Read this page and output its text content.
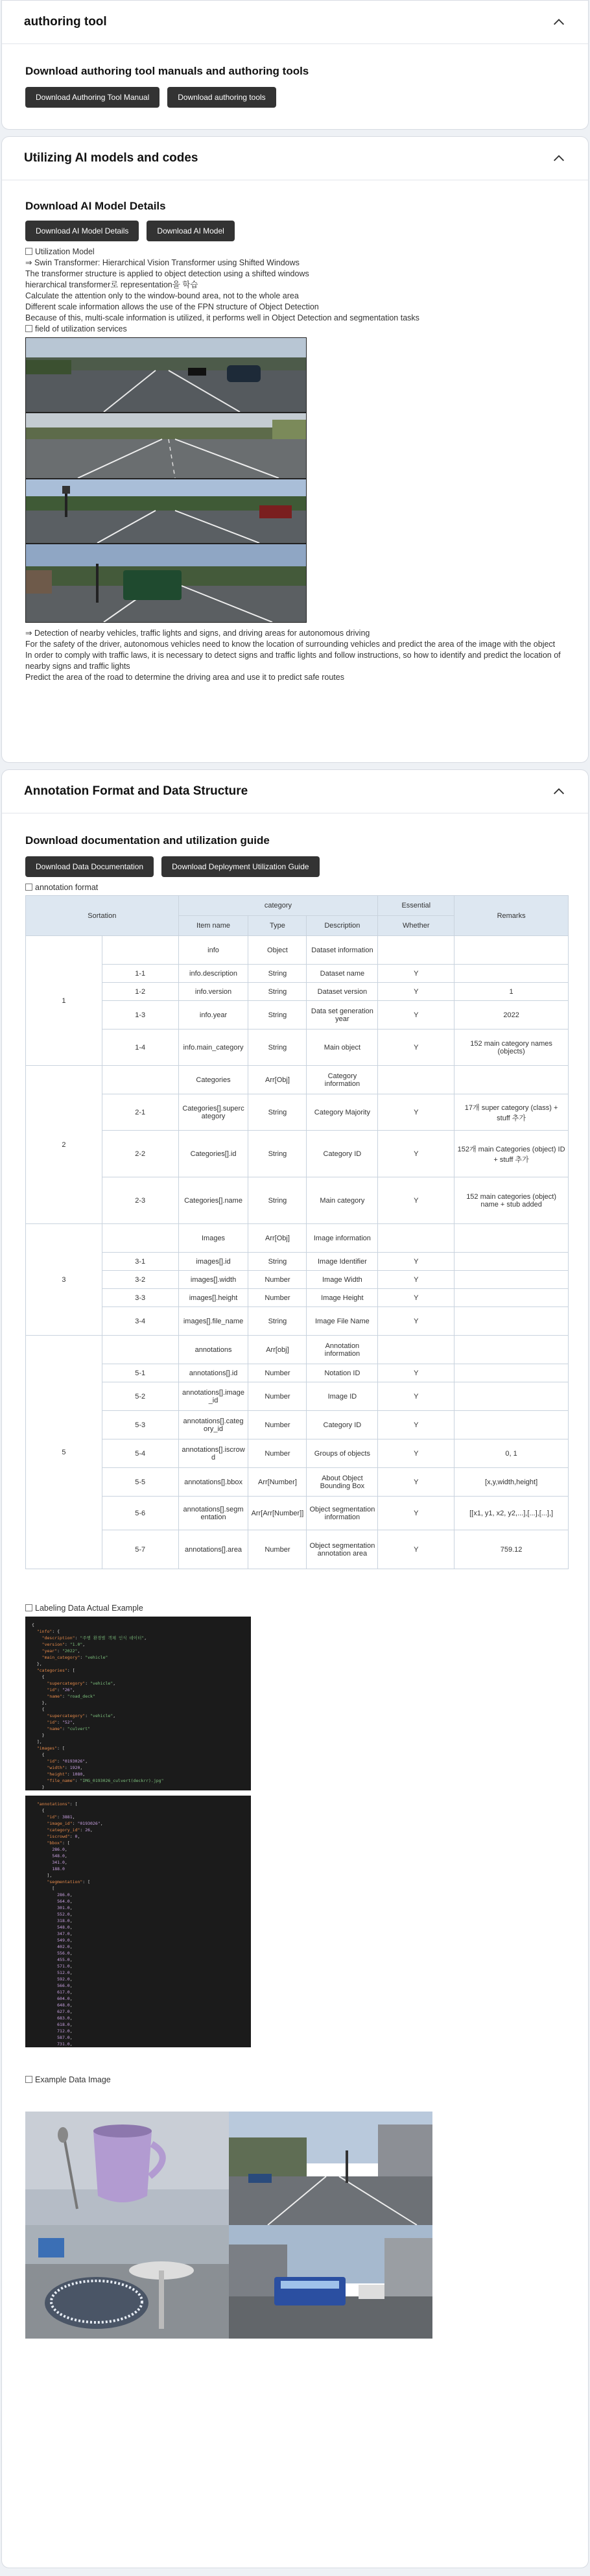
authoring tool
Download authoring tool manuals and authoring tools
Download Authoring Tool Manual	Download authoring tools
Utilizing AI models and codes
Download AI Model Details
Download AI Model Details	Download AI Model
Utilization Model
⇒ Swin Transformer: Hierarchical Vision Transformer using Shifted Windows
The transformer structure is applied to object detection using a shifted windows
hierarchical transformer로 representation을 학습
Calculate the attention only to the window-bound area, not to the whole area
Different scale information allows the use of the FPN structure of Object Detection
Because of this, multi-scale information is utilized, it performs well in Object Detection and segmentation tasks
field of utilization services
⇒ Detection of nearby vehicles, traffic lights and signs, and driving areas for autonomous driving
For the safety of the driver, autonomous vehicles need to know the location of surrounding vehicles and predict the area of the image with the object
In order to comply with traffic laws, it is necessary to detect signs and traffic lights and follow instructions, so how to identify and predict the location of nearby signs and traffic lights
Predict the area of the road to determine the driving area and use it to predict safe routes
Annotation Format and Data Structure
Download documentation and utilization guide
Download Data Documentation	Download Deployment Utilization Guide
annotation format
Sortation		category			Essential	Remarks
		Item name	Type	Description	Whether	
1		info	Object	Dataset information		
	1-1	info.description	String	Dataset name	Y	
	1-2	info.version	String	Dataset version	Y	1
	1-3	info.year	String	Data set generation year	Y	2022
	1-4	info.main_category	String	Main object	Y	152 main category names (objects)
2		Categories	Arr[Obj]	Category information		
	2-1	Categories[].supercategory	String	Category Majority	Y	17개 super category (class) + stuff 추가
	2-2	Categories[].id	String	Category ID	Y	152개 main Categories (object) ID + stuff 추가
	2-3	Categories[].name	String	Main category	Y	152 main categories (object) name + stub added
3		Images	Arr[Obj]	Image information		
	3-1	images[].id	String	Image Identifier	Y	
	3-2	images[].width	Number	Image Width	Y	
	3-3	images[].height	Number	Image Height	Y	
	3-4	images[].file_name	String	Image File Name	Y	
5		annotations	Arr[obj]	Annotation information		
	5-1	annotations[].id	Number	Notation ID	Y	
	5-2	annotations[].image_id	Number	Image ID	Y	
	5-3	annotations[].category_id	Number	Category ID	Y	
	5-4	annotations[].iscrowd	Number	Groups of objects	Y	0, 1
	5-5	annotations[].bbox	Arr[Number]	About Object Bounding Box	Y	[x,y,width,height]
	5-6	annotations[].segmentation	Arr[Arr[Number]]	Object segmentation information	Y	[[x1, y1, x2, y2,...],[...],[...],]
	5-7	annotations[].area	Number	Object segmentation annotation area	Y	759.12
Labeling Data Actual Example
{
"info": {
"description": "주행 환경별 객체 인식 데이터",
"version": "1.0",
"year": "2022",
"main_category": "vehicle"
},
"categories": [
{
"supercategory": "vehicle",
"id": "26",
"name": "road_deck"
},
{
"supercategory": "vehicle",
"id": "52",
"name": "culvert"
}
],
"images": [
{
"id": "0193026",
"width": 1920,
"height": 1080,
"file_name": "IMG_0193026_culvert(deckrr).jpg"
}

"annotations": [
{
"id": 3881,
"image_id": "0193026",
"category_id": 26,
"iscrowd": 0,
"bbox": [
286.0,
548.0,
341.0,
188.0
],
"segmentation": [
[
286.0,
564.0,
301.0,
552.0,
318.0,
548.0,
347.0,
549.0,
402.0,
556.0,
455.0,
571.0,
512.0,
592.0,
566.0,
617.0,
604.0,
648.0,
627.0,
683.0,
618.0,
712.0,
587.0,
731.0,

Example Data Image
